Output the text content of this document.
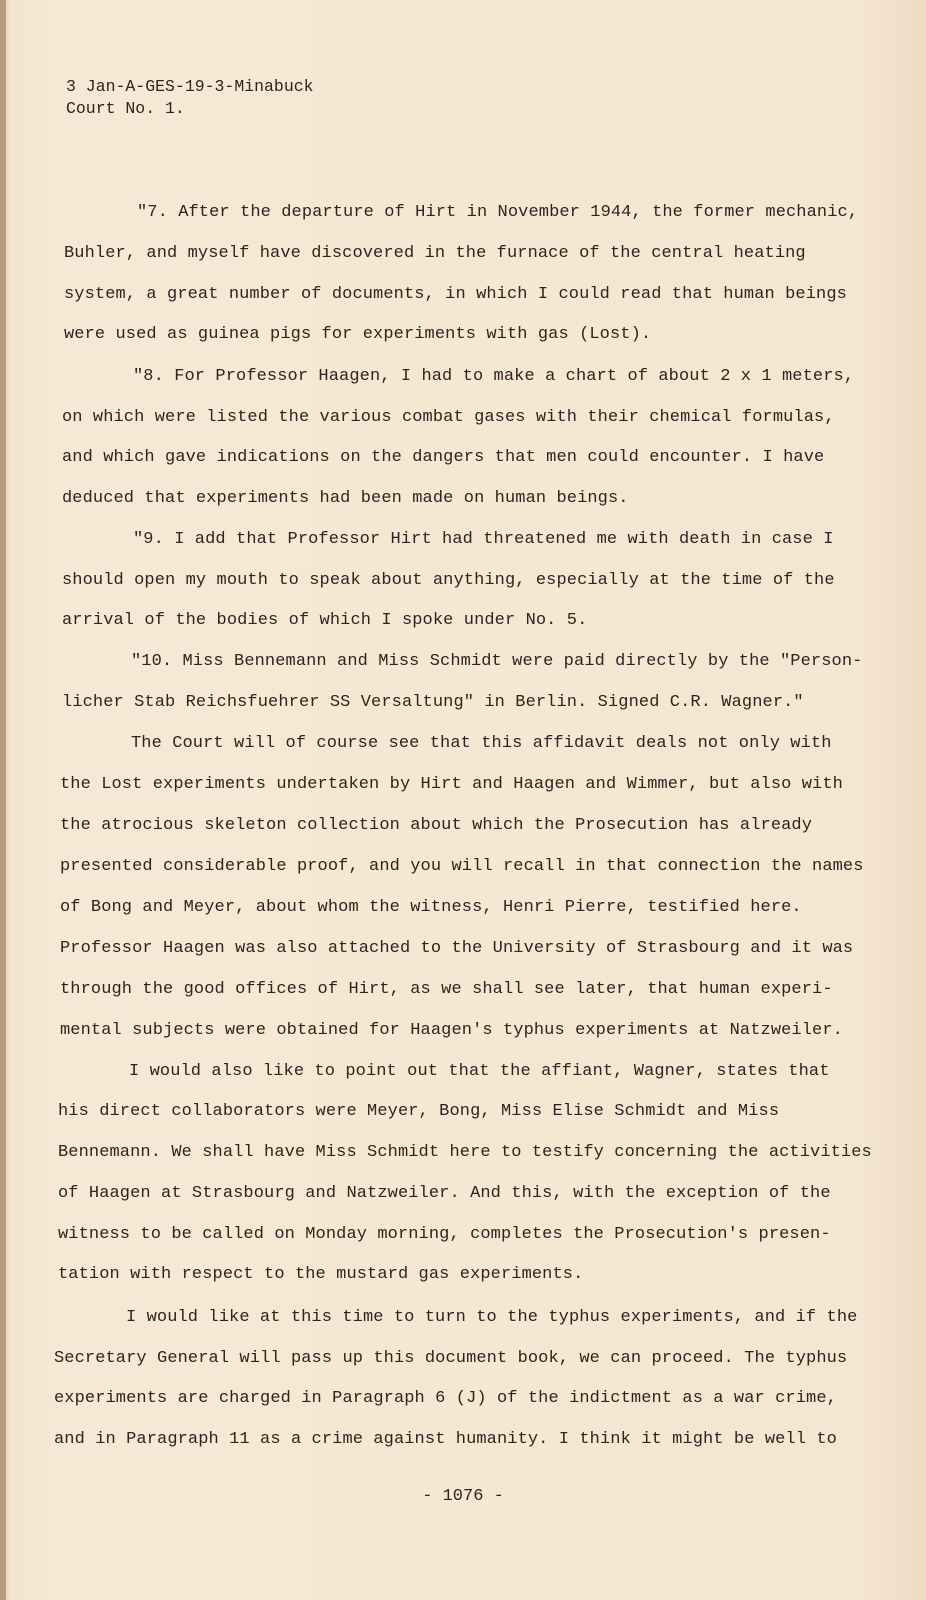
3 Jan-A-GES-19-3-Minabuck
Court No. 1.
"7. After the departure of Hirt in November 1944, the former mechanic,
Buhler, and myself have discovered in the furnace of the central heating
system, a great number of documents, in which I could read that human beings
were used as guinea pigs for experiments with gas (Lost).
"8. For Professor Haagen, I had to make a chart of about 2 x 1 meters,
on which were listed the various combat gases with their chemical formulas,
and which gave indications on the dangers that men could encounter. I have
deduced that experiments had been made on human beings.
"9. I add that Professor Hirt had threatened me with death in case I
should open my mouth to speak about anything, especially at the time of the
arrival of the bodies of which I spoke under No. 5.
"10. Miss Bennemann and Miss Schmidt were paid directly by the "Person-
licher Stab Reichsfuehrer SS Versaltung" in Berlin. Signed C.R. Wagner."
The Court will of course see that this affidavit deals not only with
the Lost experiments undertaken by Hirt and Haagen and Wimmer, but also with
the atrocious skeleton collection about which the Prosecution has already
presented considerable proof, and you will recall in that connection the names
of Bong and Meyer, about whom the witness, Henri Pierre, testified here.
Professor Haagen was also attached to the University of Strasbourg and it was
through the good offices of Hirt, as we shall see later, that human experi-
mental subjects were obtained for Haagen's typhus experiments at Natzweiler.
I would also like to point out that the affiant, Wagner, states that
his direct collaborators were Meyer, Bong, Miss Elise Schmidt and Miss
Bennemann. We shall have Miss Schmidt here to testify concerning the activities
of Haagen at Strasbourg and Natzweiler. And this, with the exception of the
witness to be called on Monday morning, completes the Prosecution's presen-
tation with respect to the mustard gas experiments.
I would like at this time to turn to the typhus experiments, and if the
Secretary General will pass up this document book, we can proceed. The typhus
experiments are charged in Paragraph 6 (J) of the indictment as a war crime,
and in Paragraph 11 as a crime against humanity. I think it might be well to
- 1076 -
